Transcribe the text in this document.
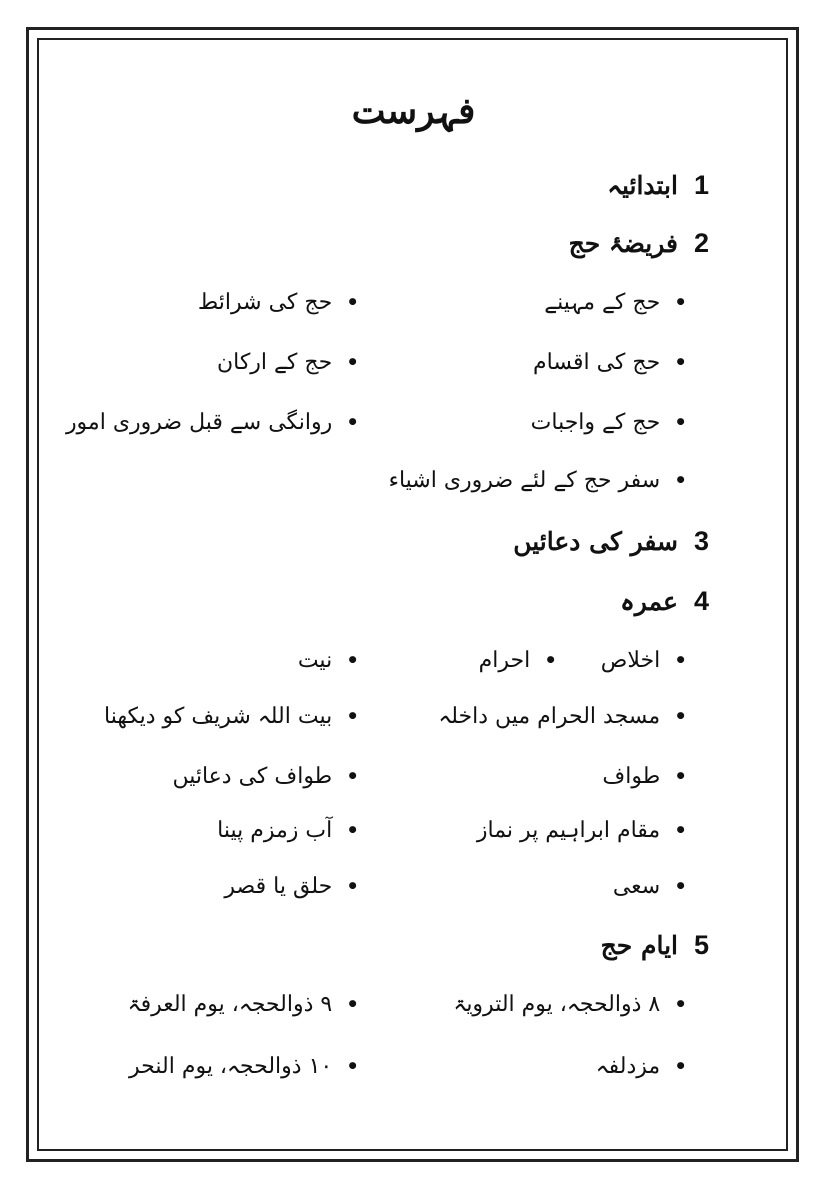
فہرست
1ابتدائیہ
2فریضۂ حج
•حج کے مہینے
•حج کی شرائط
•حج کی اقسام
•حج کے ارکان
•حج کے واجبات
•روانگی سے قبل ضروری امور
•سفر حج کے لئے ضروری اشیاء
3سفر کی دعائیں
4عمرہ
•اخلاص
•احرام
•نیت
•مسجد الحرام میں داخلہ
•بیت اللہ شریف کو دیکھنا
•طواف
•طواف کی دعائیں
•مقام ابراہیم پر نماز
•آب زمزم پینا
•سعی
•حلق یا قصر
5ایام حج
•۸ ذوالحجہ، یوم الترویۃ
•۹ ذوالحجہ، یوم العرفۃ
•مزدلفہ
•۱۰ ذوالحجہ، یوم النحر
